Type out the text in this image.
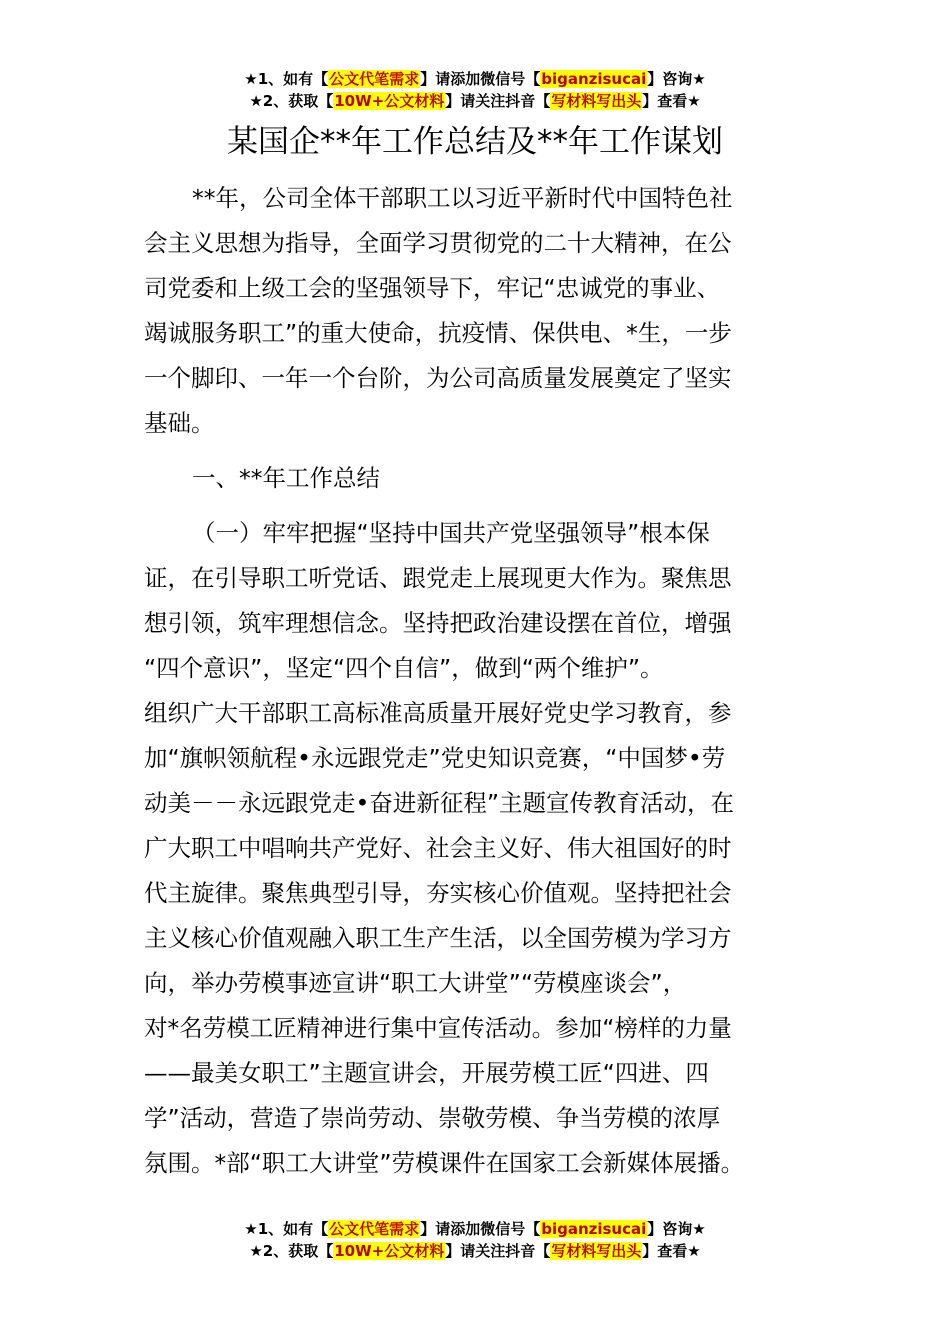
★1、如有【公文代笔需求】请添加微信号【biganzisucai】咨询★
★2、获取【10W+公文材料】请关注抖音【写材料写出头】查看★
某国企**年工作总结及**年工作谋划
**年，公司全体干部职工以习近平新时代中国特色社
会主义思想为指导，全面学习贯彻党的二十大精神，在公
司党委和上级工会的坚强领导下，牢记“忠诚党的事业、
竭诚服务职工”的重大使命，抗疫情、保供电、*生，一步
一个脚印、一年一个台阶，为公司高质量发展奠定了坚实
基础。
一、**年工作总结
（一）牢牢把握“坚持中国共产党坚强领导”根本保
证，在引导职工听党话、跟党走上展现更大作为。聚焦思
想引领，筑牢理想信念。坚持把政治建设摆在首位，增强
“四个意识”，坚定“四个自信”，做到“两个维护”。
组织广大干部职工高标准高质量开展好党史学习教育，参
加“旗帜领航程•永远跟党走”党史知识竞赛，“中国梦•劳
动美－－永远跟党走•奋进新征程”主题宣传教育活动，在
广大职工中唱响共产党好、社会主义好、伟大祖国好的时
代主旋律。聚焦典型引导，夯实核心价值观。坚持把社会
主义核心价值观融入职工生产生活，以全国劳模为学习方
向，举办劳模事迹宣讲“职工大讲堂”“劳模座谈会”，
对*名劳模工匠精神进行集中宣传活动。参加“榜样的力量
——最美女职工”主题宣讲会，开展劳模工匠“四进、四
学”活动，营造了崇尚劳动、崇敬劳模、争当劳模的浓厚
氛围。*部“职工大讲堂”劳模课件在国家工会新媒体展播。
★1、如有【公文代笔需求】请添加微信号【biganzisucai】咨询★
★2、获取【10W+公文材料】请关注抖音【写材料写出头】查看★
